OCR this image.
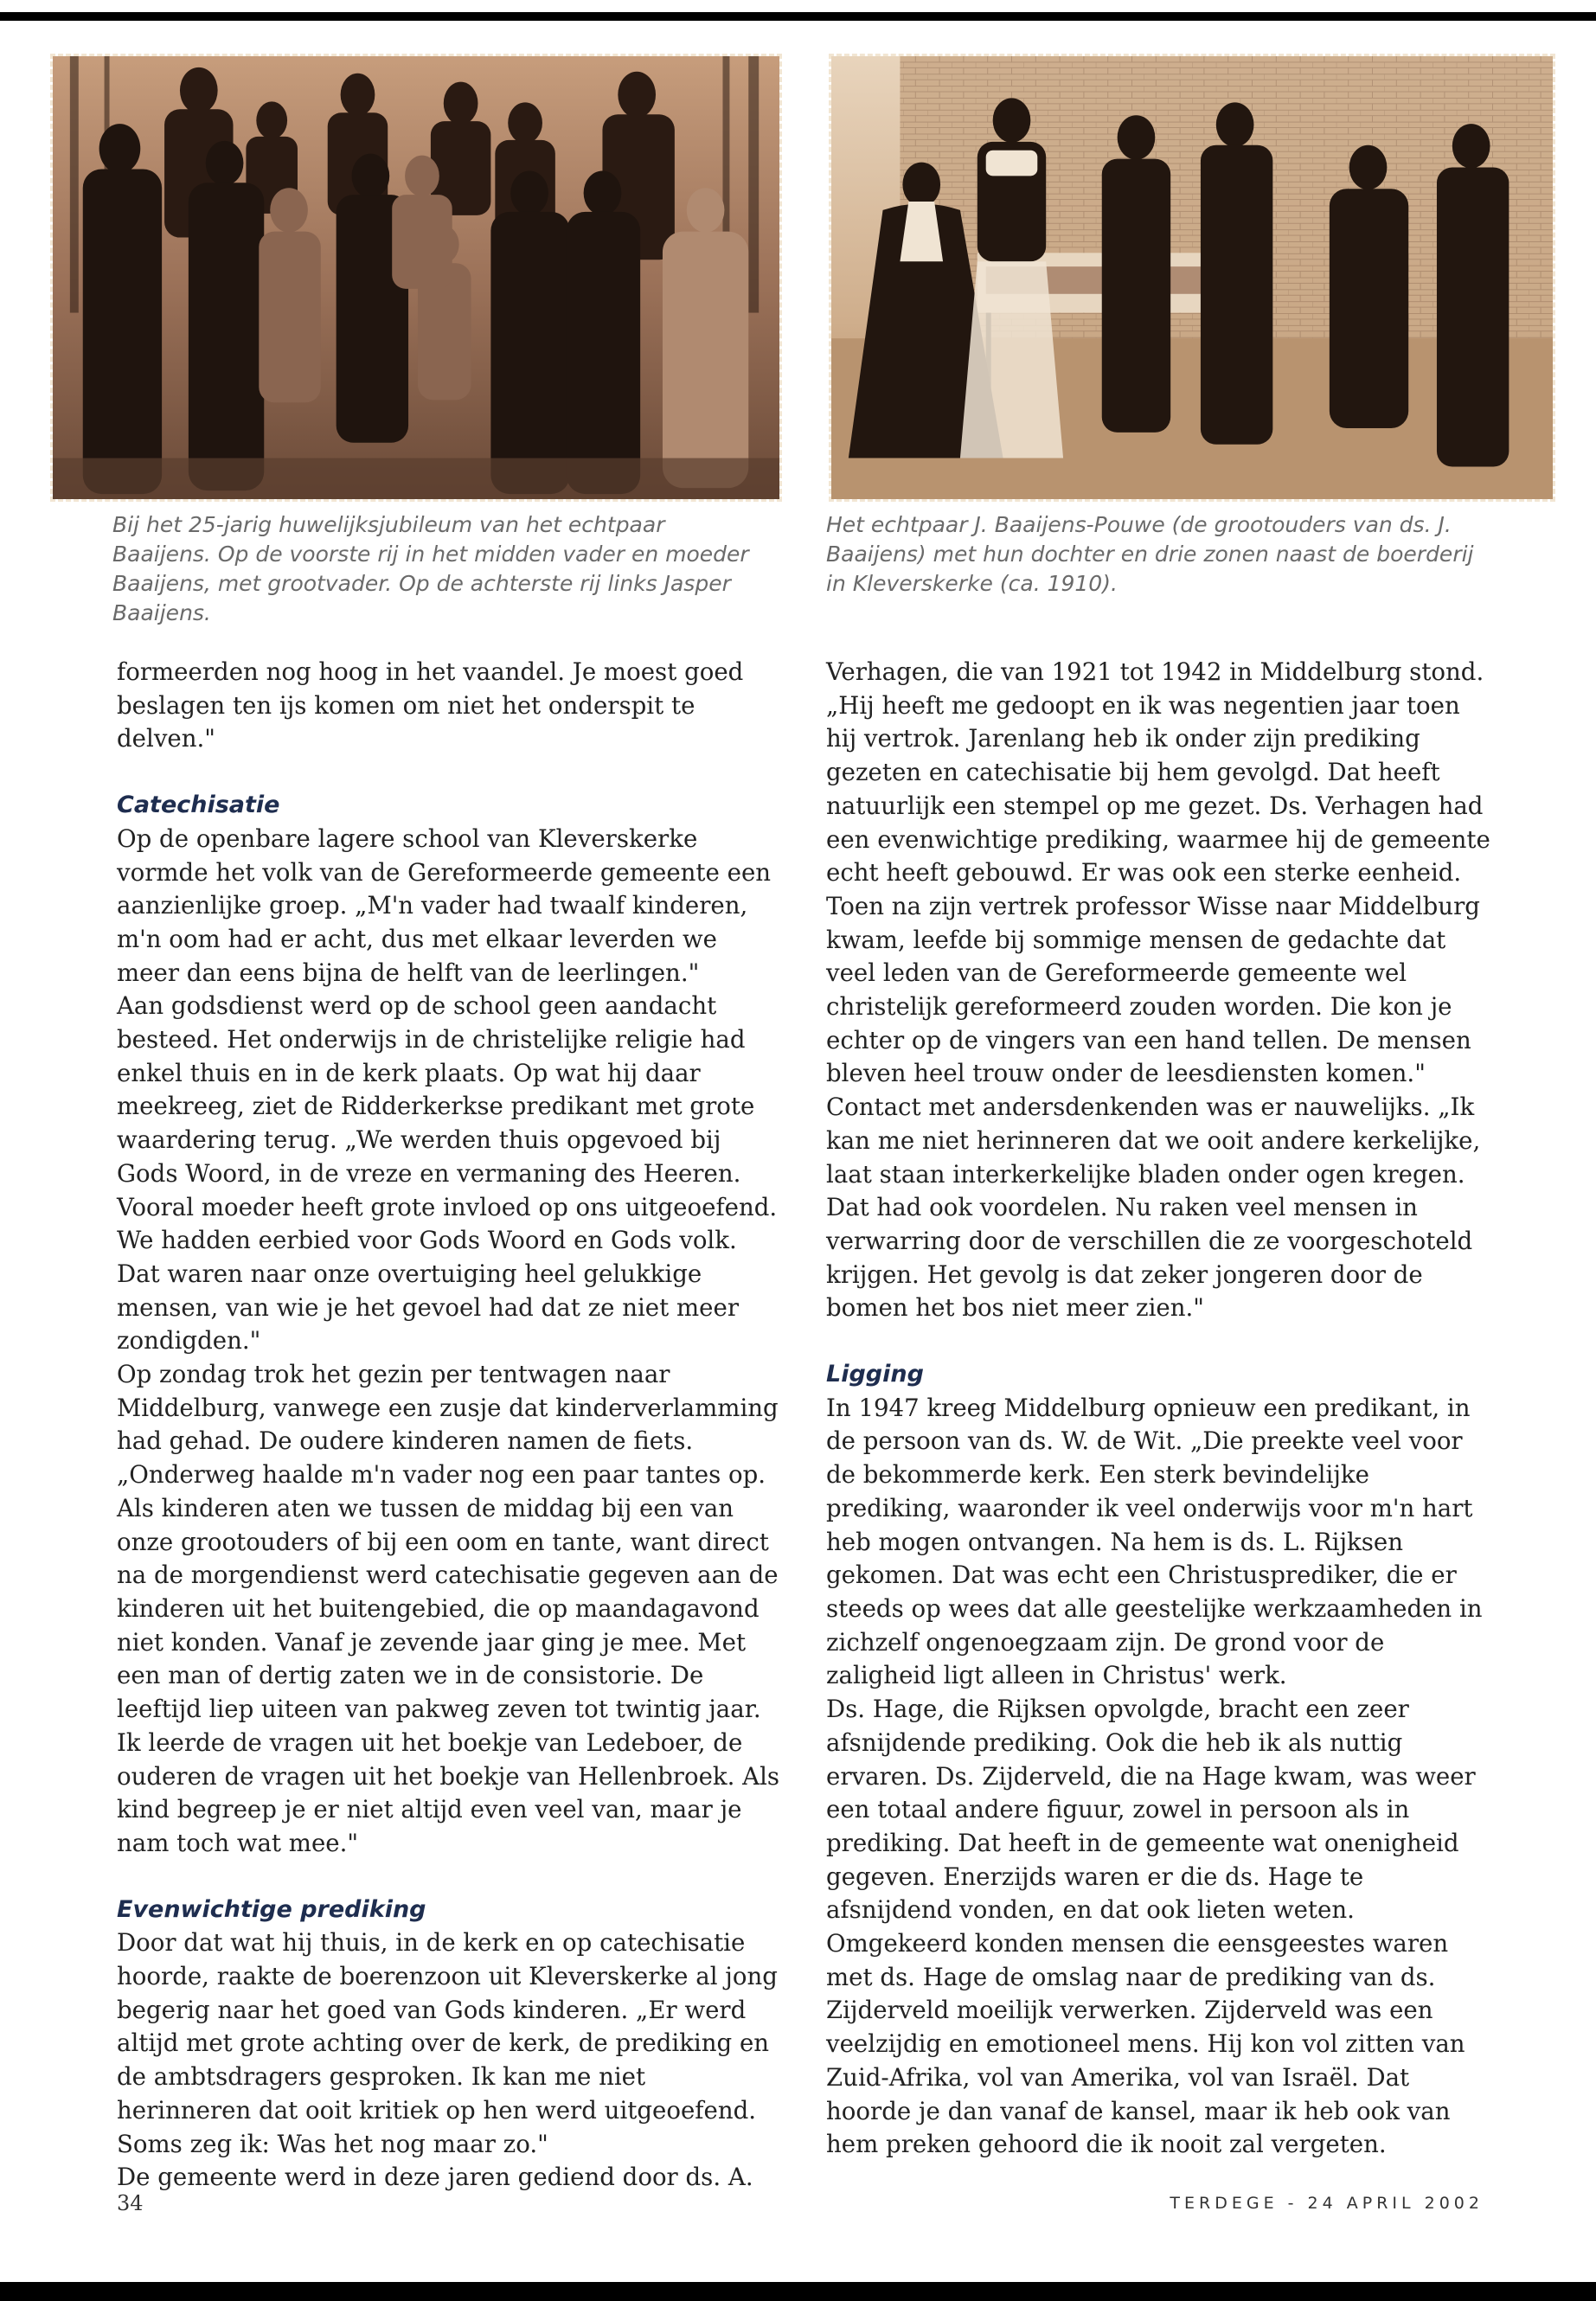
Bij het 25-jarig huwelijksjubileum van het echtpaar Baaijens. Op de voorste rij in het midden vader en moeder Baaijens, met grootvader. Op de achterste rij links Jasper Baaijens.

Het echtpaar J. Baaijens-Pouwe (de grootouders van ds. J. Baaijens) met hun dochter en drie zonen naast de boerderij in Kleverskerke (ca. 1910).

formeerden nog hoog in het vaandel. Je moest goed beslagen ten ijs komen om niet het onderspit te delven."

Catechisatie

Op de openbare lagere school van Kleverskerke vormde het volk van de Gereformeerde gemeente een aanzienlijke groep. „M'n vader had twaalf kinderen, m'n oom had er acht, dus met elkaar leverden we meer dan eens bijna de helft van de leerlingen."

Aan godsdienst werd op de school geen aandacht besteed. Het onderwijs in de christelijke religie had enkel thuis en in de kerk plaats. Op wat hij daar meekreeg, ziet de Ridderkerkse predikant met grote waardering terug. „We werden thuis opgevoed bij Gods Woord, in de vreze en vermaning des Heeren. Vooral moeder heeft grote invloed op ons uitgeoefend. We hadden eerbied voor Gods Woord en Gods volk. Dat waren naar onze overtuiging heel gelukkige mensen, van wie je het gevoel had dat ze niet meer zondigden."

Op zondag trok het gezin per tentwagen naar Middelburg, vanwege een zusje dat kinderverlamming had gehad. De oudere kinderen namen de fiets. „Onderweg haalde m'n vader nog een paar tantes op. Als kinderen aten we tussen de middag bij een van onze grootouders of bij een oom en tante, want direct na de morgendienst werd catechisatie gegeven aan de kinderen uit het buitengebied, die op maandagavond niet konden. Vanaf je zevende jaar ging je mee. Met een man of dertig zaten we in de consistorie. De leeftijd liep uiteen van pakweg zeven tot twintig jaar. Ik leerde de vragen uit het boekje van Ledeboer, de ouderen de vragen uit het boekje van Hellenbroek. Als kind begreep je er niet altijd even veel van, maar je nam toch wat mee."

Evenwichtige prediking

Door dat wat hij thuis, in de kerk en op catechisatie hoorde, raakte de boerenzoon uit Kleverskerke al jong begerig naar het goed van Gods kinderen. „Er werd altijd met grote achting over de kerk, de prediking en de ambtsdragers gesproken. Ik kan me niet herinneren dat ooit kritiek op hen werd uitgeoefend. Soms zeg ik: Was het nog maar zo."

De gemeente werd in deze jaren gediend door ds. A.

Verhagen, die van 1921 tot 1942 in Middelburg stond. „Hij heeft me gedoopt en ik was negentien jaar toen hij vertrok. Jarenlang heb ik onder zijn prediking gezeten en catechisatie bij hem gevolgd. Dat heeft natuurlijk een stempel op me gezet. Ds. Verhagen had een evenwichtige prediking, waarmee hij de gemeente echt heeft gebouwd. Er was ook een sterke eenheid. Toen na zijn vertrek professor Wisse naar Middelburg kwam, leefde bij sommige mensen de gedachte dat veel leden van de Gereformeerde gemeente wel christelijk gereformeerd zouden worden. Die kon je echter op de vingers van een hand tellen. De mensen bleven heel trouw onder de leesdiensten komen."

Contact met andersdenkenden was er nauwelijks. „Ik kan me niet herinneren dat we ooit andere kerkelijke, laat staan interkerkelijke bladen onder ogen kregen. Dat had ook voordelen. Nu raken veel mensen in verwarring door de verschillen die ze voorgeschoteld krijgen. Het gevolg is dat zeker jongeren door de bomen het bos niet meer zien."

Ligging

In 1947 kreeg Middelburg opnieuw een predikant, in de persoon van ds. W. de Wit. „Die preekte veel voor de bekommerde kerk. Een sterk bevindelijke prediking, waaronder ik veel onderwijs voor m'n hart heb mogen ontvangen. Na hem is ds. L. Rijksen gekomen. Dat was echt een Christusprediker, die er steeds op wees dat alle geestelijke werkzaamheden in zichzelf ongenoegzaam zijn. De grond voor de zaligheid ligt alleen in Christus' werk.

Ds. Hage, die Rijksen opvolgde, bracht een zeer afsnijdende prediking. Ook die heb ik als nuttig ervaren. Ds. Zijderveld, die na Hage kwam, was weer een totaal andere figuur, zowel in persoon als in prediking. Dat heeft in de gemeente wat onenigheid gegeven. Enerzijds waren er die ds. Hage te afsnijdend vonden, en dat ook lieten weten. Omgekeerd konden mensen die eensgeestes waren met ds. Hage de omslag naar de prediking van ds. Zijderveld moeilijk verwerken. Zijderveld was een veelzijdig en emotioneel mens. Hij kon vol zitten van Zuid-Afrika, vol van Amerika, vol van Israël. Dat hoorde je dan vanaf de kansel, maar ik heb ook van hem preken gehoord die ik nooit zal vergeten.

34	TERDEGE - 24 APRIL 2002
